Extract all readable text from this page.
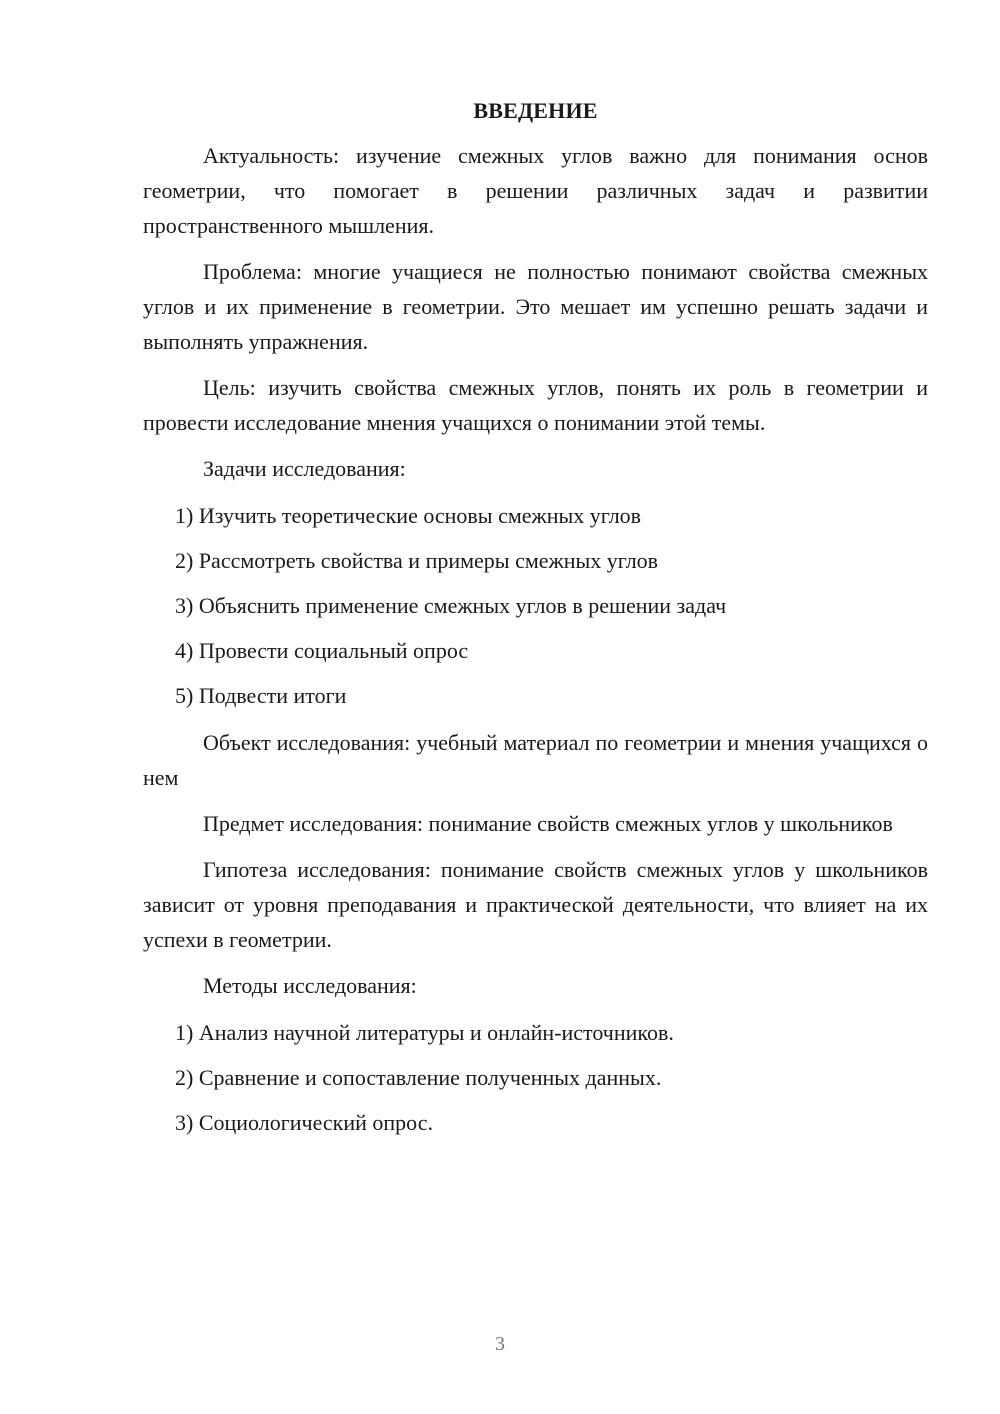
ВВЕДЕНИЕ

Актуальность: изучение смежных углов важно для понимания основ геометрии, что помогает в решении различных задач и развитии пространственного мышления.

Проблема: многие учащиеся не полностью понимают свойства смежных углов и их применение в геометрии. Это мешает им успешно решать задачи и выполнять упражнения.

Цель: изучить свойства смежных углов, понять их роль в геометрии и провести исследование мнения учащихся о понимании этой темы.

Задачи исследования:
1) Изучить теоретические основы смежных углов
2) Рассмотреть свойства и примеры смежных углов
3) Объяснить применение смежных углов в решении задач
4) Провести социальный опрос
5) Подвести итоги

Объект исследования: учебный материал по геометрии и мнения учащихся о нем

Предмет исследования: понимание свойств смежных углов у школьников

Гипотеза исследования: понимание свойств смежных углов у школьников зависит от уровня преподавания и практической деятельности, что влияет на их успехи в геометрии.

Методы исследования:
1) Анализ научной литературы и онлайн-источников.
2) Сравнение и сопоставление полученных данных.
3) Социологический опрос.
3
